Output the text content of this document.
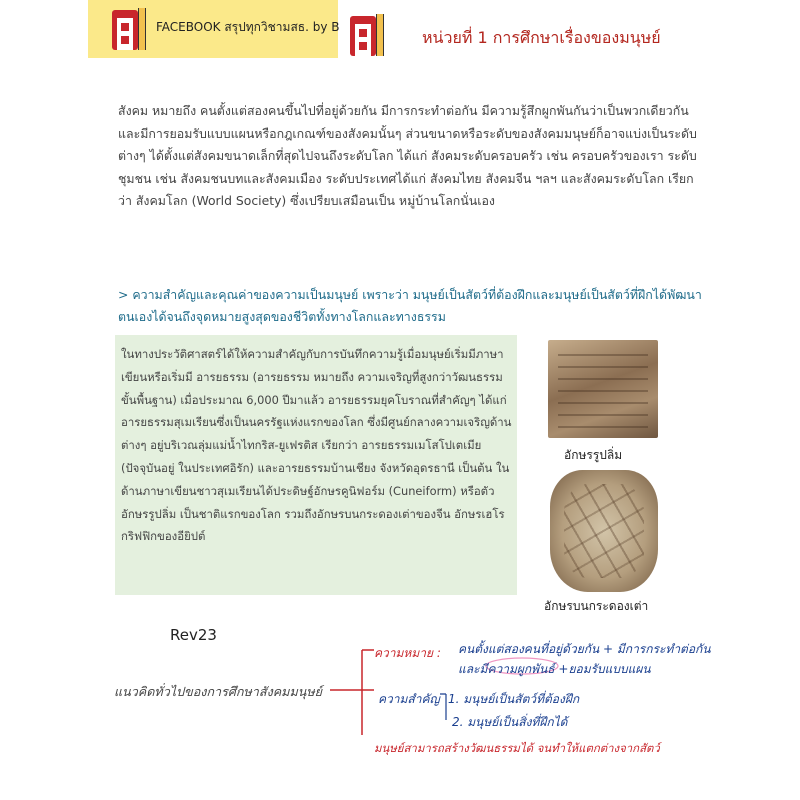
FACEBOOK สรุปทุกวิชามสธ. by B
หน่วยที่ 1 การศึกษาเรื่องของมนุษย์

สังคม หมายถึง คนตั้งแต่สองคนขึ้นไปที่อยู่ด้วยกัน มีการกระทำต่อกัน มีความรู้สึกผูกพันกันว่าเป็นพวกเดียวกัน และมีการยอมรับแบบแผนหรือกฎเกณฑ์ของสังคมนั้นๆ ส่วนขนาดหรือระดับของสังคมมนุษย์ก็อาจแบ่งเป็นระดับต่างๆ ได้ตั้งแต่สังคมขนาดเล็กที่สุดไปจนถึงระดับโลก ได้แก่ สังคมระดับครอบครัว เช่น ครอบครัวของเรา ระดับชุมชน เช่น สังคมชนบทและสังคมเมือง ระดับประเทศได้แก่ สังคมไทย สังคมจีน ฯลฯ และสังคมระดับโลก เรียกว่า สังคมโลก (World Society) ซึ่งเปรียบเสมือนเป็น หมู่บ้านโลกนั่นเอง

> ความสำคัญและคุณค่าของความเป็นมนุษย์ เพราะว่า มนุษย์เป็นสัตว์ที่ต้องฝึกและมนุษย์เป็นสัตว์ที่ฝึกได้พัฒนาตนเองได้จนถึงจุดหมายสูงสุดของชีวิตทั้งทางโลกและทางธรรม

ในทางประวัติศาสตร์ได้ให้ความสำคัญกับการบันทึกความรู้เมื่อมนุษย์เริ่มมีภาษาเขียนหรือเริ่มมี อารยธรรม (อารยธรรม หมายถึง ความเจริญที่สูงกว่าวัฒนธรรมขั้นพื้นฐาน) เมื่อประมาณ 6,000 ปีมาแล้ว อารยธรรมยุคโบราณที่สำคัญๆ ได้แก่ อารยธรรมสุเมเรียนซึ่งเป็นนครรัฐแห่งแรกของโลก ซึ่งมีศูนย์กลางความเจริญด้านต่างๆ อยู่บริเวณลุ่มแม่น้ำไทกริส-ยูเฟรติส เรียกว่า อารยธรรมเมโสโปเตเมีย (ปัจจุบันอยู่ ในประเทศอิรัก) และอารยธรรมบ้านเชียง จังหวัดอุดรธานี เป็นต้น ในด้านภาษาเขียนชาวสุเมเรียนได้ประดิษฐ์อักษรคูนิฟอร์ม (Cuneiform) หรือตัวอักษรรูปลิ่ม เป็นชาติแรกของโลก รวมถึงอักษรบนกระดองเต่าของจีน อักษรเฮโรกริฟฟิกของอียิปต์

อักษรรูปลิ่ม
อักษรบนกระดองเต่า
Rev23
แนวคิดทั่วไปของการศึกษาสังคมมนุษย์
ความหมาย : คนตั้งแต่สองคนที่อยู่ด้วยกัน + มีการกระทำต่อกัน
และมีความผูกพันธ์ +ยอมรับแบบแผน
ความสำคัญ 1. มนุษย์เป็นสัตว์ที่ต้องฝึก
2. มนุษย์เป็นสิ่งที่ฝึกได้
มนุษย์สามารถสร้างวัฒนธรรมได้ จนทำให้แตกต่างจากสัตว์
